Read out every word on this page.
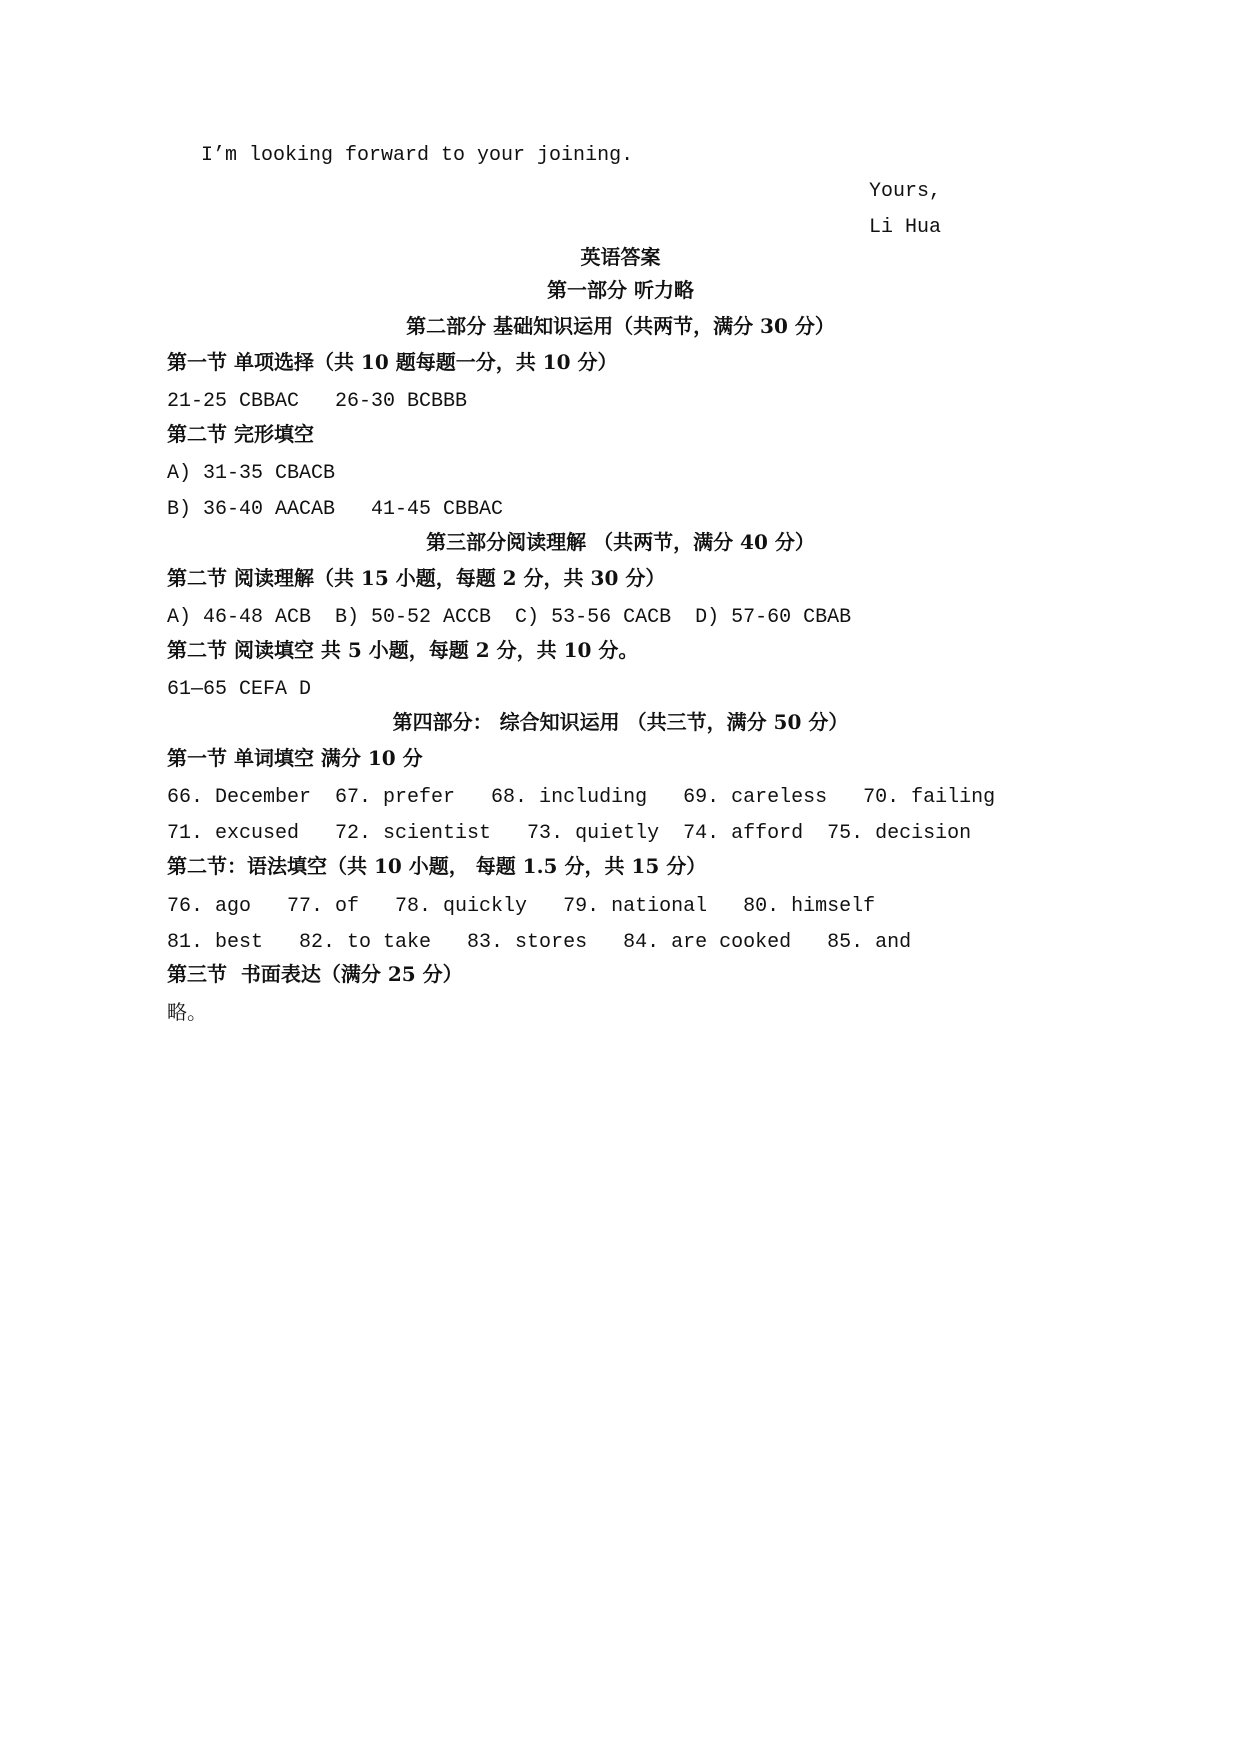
I’m looking forward to your joining.
Yours,
Li Hua
英语答案
第一部分 听力略
第二部分 基础知识运用（共两节，满分 30 分）
第一节 单项选择（共 10 题每题一分，共 10 分）
21-25 CBBAC   26-30 BCBBB
第二节 完形填空
A) 31-35 CBACB
B) 36-40 AACAB   41-45 CBBAC
第三部分阅读理解 （共两节，满分 40 分）
第二节 阅读理解（共 15 小题，每题 2 分，共 30 分）
A) 46-48 ACB  B) 50-52 ACCB  C) 53-56 CACB  D) 57-60 CBAB
第二节 阅读填空 共 5 小题，每题 2 分，共 10 分。
61—65 CEFA D
第四部分： 综合知识运用 （共三节，满分 50 分）
第一节 单词填空 满分 10 分
66. December  67. prefer   68. including   69. careless   70. failing
71. excused   72. scientist   73. quietly  74. afford  75. decision
第二节：语法填空（共 10 小题， 每题 1.5 分，共 15 分）
76. ago   77. of   78. quickly   79. national   80. himself
81. best   82. to take   83. stores   84. are cooked   85. and
第三节  书面表达（满分 25 分）
略。
